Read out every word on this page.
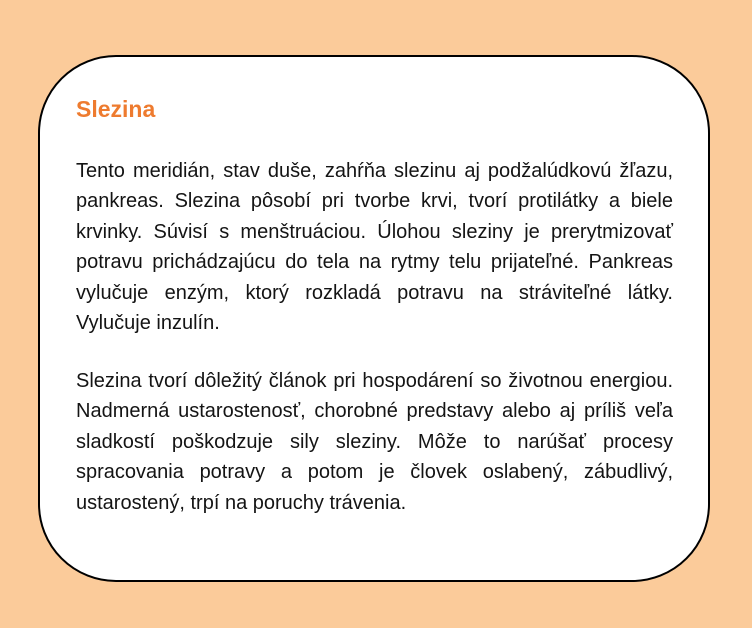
Slezina

Tento meridián, stav duše, zahŕňa slezinu aj podžalúdkovú žľazu, pankreas. Slezina pôsobí pri tvorbe krvi, tvorí protilátky a biele krvinky. Súvisí s menštruáciou. Úlohou sleziny je prerytmizovať potravu prichádzajúcu do tela na rytmy telu prijateľné. Pankreas vylučuje enzým, ktorý rozkladá potravu na stráviteľné látky. Vylučuje inzulín.

Slezina tvorí dôležitý článok pri hospodárení so životnou energiou. Nadmerná ustarostenosť, chorobné predstavy alebo aj príliš veľa sladkostí poškodzuje sily sleziny. Môže to narúšať procesy spracovania potravy a potom je človek oslabený, zábudlivý, ustarostený, trpí na poruchy trávenia.
